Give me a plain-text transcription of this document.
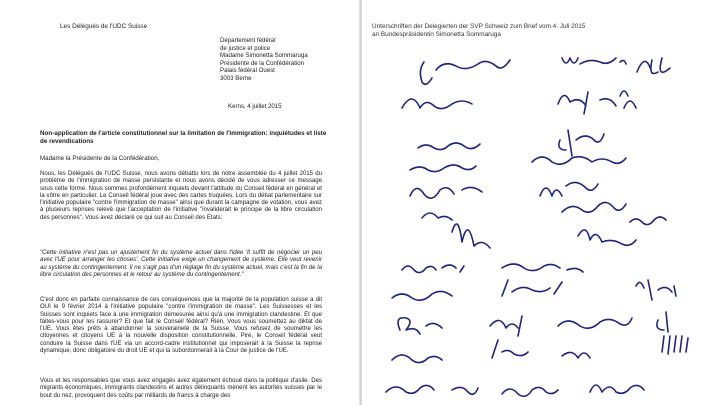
Les Délégués de l'UDC Suisse
Département fédéral
de justice et police
Madame Simonetta Sommaruga
Présidente de la Confédération
Palais fédéral Ouest
3003 Berne
Kerns, 4 juillet 2015
Non-application de l'article constitutionnel sur la limitation de l'immigration: inquiétudes et liste de revendications
Madame la Présidente de la Confédération,
Nous, les Délégués de l'UDC Suisse, nous avons débattu lors de notre assemblée du 4 juillet 2015 du problème de l'immigration de masse persistante et nous avons décidé de vous adresser ce message sous cette forme. Nous sommes profondément inquiets devant l'attitude du Conseil fédéral en général et la vôtre en particulier. Le Conseil fédéral joue avec des cartes truquées. Lors du débat parlementaire sur l'initiative populaire "contre l'immigration de masse" ainsi que durant la campagne de votation, vous avez à plusieurs reprises relevé que l'acceptation de l'initiative "invaliderait le principe de la libre circulation des personnes". Vous avez déclaré ce qui suit au Conseil des Etats:
"Cette initiative n'est pas un ajustement fin du système actuel dans l'idée 'Il suffit de négocier un peu avec l'UE pour arranger les choses'. Cette initiative exige un changement de système. Elle veut revenir au système du contingentement. Il ne s'agit pas d'un réglage fin du système actuel, mais c'est la fin de la libre circulation des personnes et le retour au système du contingentement."
C'est donc en parfaite connaissance de ces conséquences que la majorité de la population suisse a dit OUI le 9 février 2014 à l'initiative populaire "contre l'immigration de masse". Les Suissesses et les Suisses sont inquiets face à une immigration démesurée ainsi qu'à une immigration clandestine. Et que faites-vous pour les rassurer? Et que fait le Conseil fédéral? Rien. Vous vous soumettez au diktat de l'UE. Vous êtes prêts à abandonner la souveraineté de la Suisse. Vous refusez de soumettre les citoyennes et citoyens UE à la nouvelle disposition constitutionnelle. Pire, le Conseil fédéral veut conduire la Suisse dans l'UE via un accord-cadre institutionnel qui imposerait à la Suisse la reprise dynamique, donc obligatoire du droit UE et qui la subordonnerait à la Cour de justice de l'UE.
Vous et les responsables que vous avez engagés avez également échoué dans la politique d'asile. Des migrants économiques, immigrants clandestins et autres délinquants mènent les autorités suisses par le bout du nez, provoquent des coûts par milliards de francs à charge des
Unterschriften der Delegierten der SVP Schweiz zum Brief vom 4. Juli 2015
an Bundespräsidentin Simonetta Sommaruga
